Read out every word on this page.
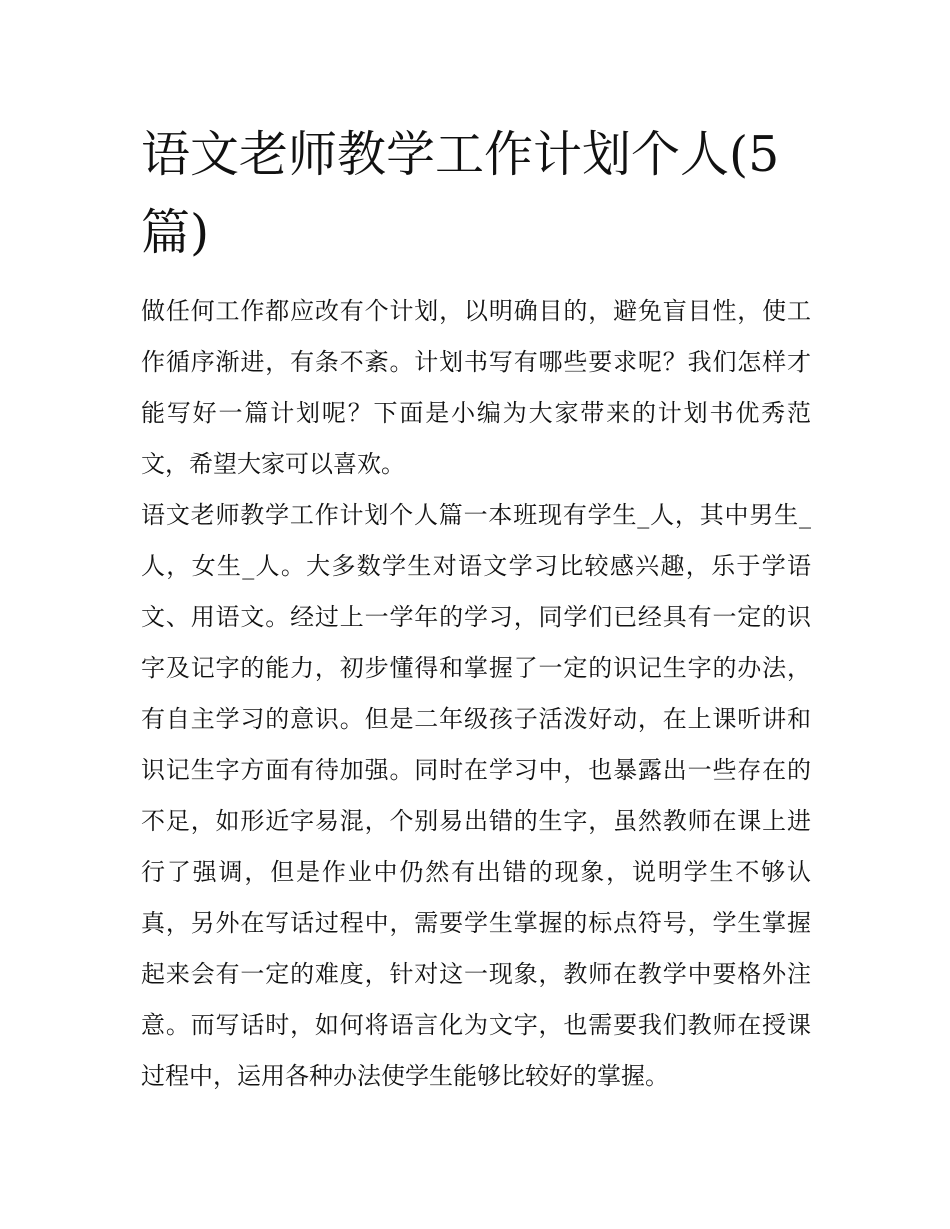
语文老师教学工作计划个人(5篇)

做任何工作都应改有个计划，以明确目的，避免盲目性，使工作循序渐进，有条不紊。计划书写有哪些要求呢？我们怎样才能写好一篇计划呢？下面是小编为大家带来的计划书优秀范文，希望大家可以喜欢。

语文老师教学工作计划个人篇一本班现有学生_人，其中男生_人，女生_人。大多数学生对语文学习比较感兴趣，乐于学语文、用语文。经过上一学年的学习，同学们已经具有一定的识字及记字的能力，初步懂得和掌握了一定的识记生字的办法，有自主学习的意识。但是二年级孩子活泼好动，在上课听讲和识记生字方面有待加强。同时在学习中，也暴露出一些存在的不足，如形近字易混，个别易出错的生字，虽然教师在课上进行了强调，但是作业中仍然有出错的现象，说明学生不够认真，另外在写话过程中，需要学生掌握的标点符号，学生掌握起来会有一定的难度，针对这一现象，教师在教学中要格外注意。而写话时，如何将语言化为文字，也需要我们教师在授课过程中，运用各种办法使学生能够比较好的掌握。
